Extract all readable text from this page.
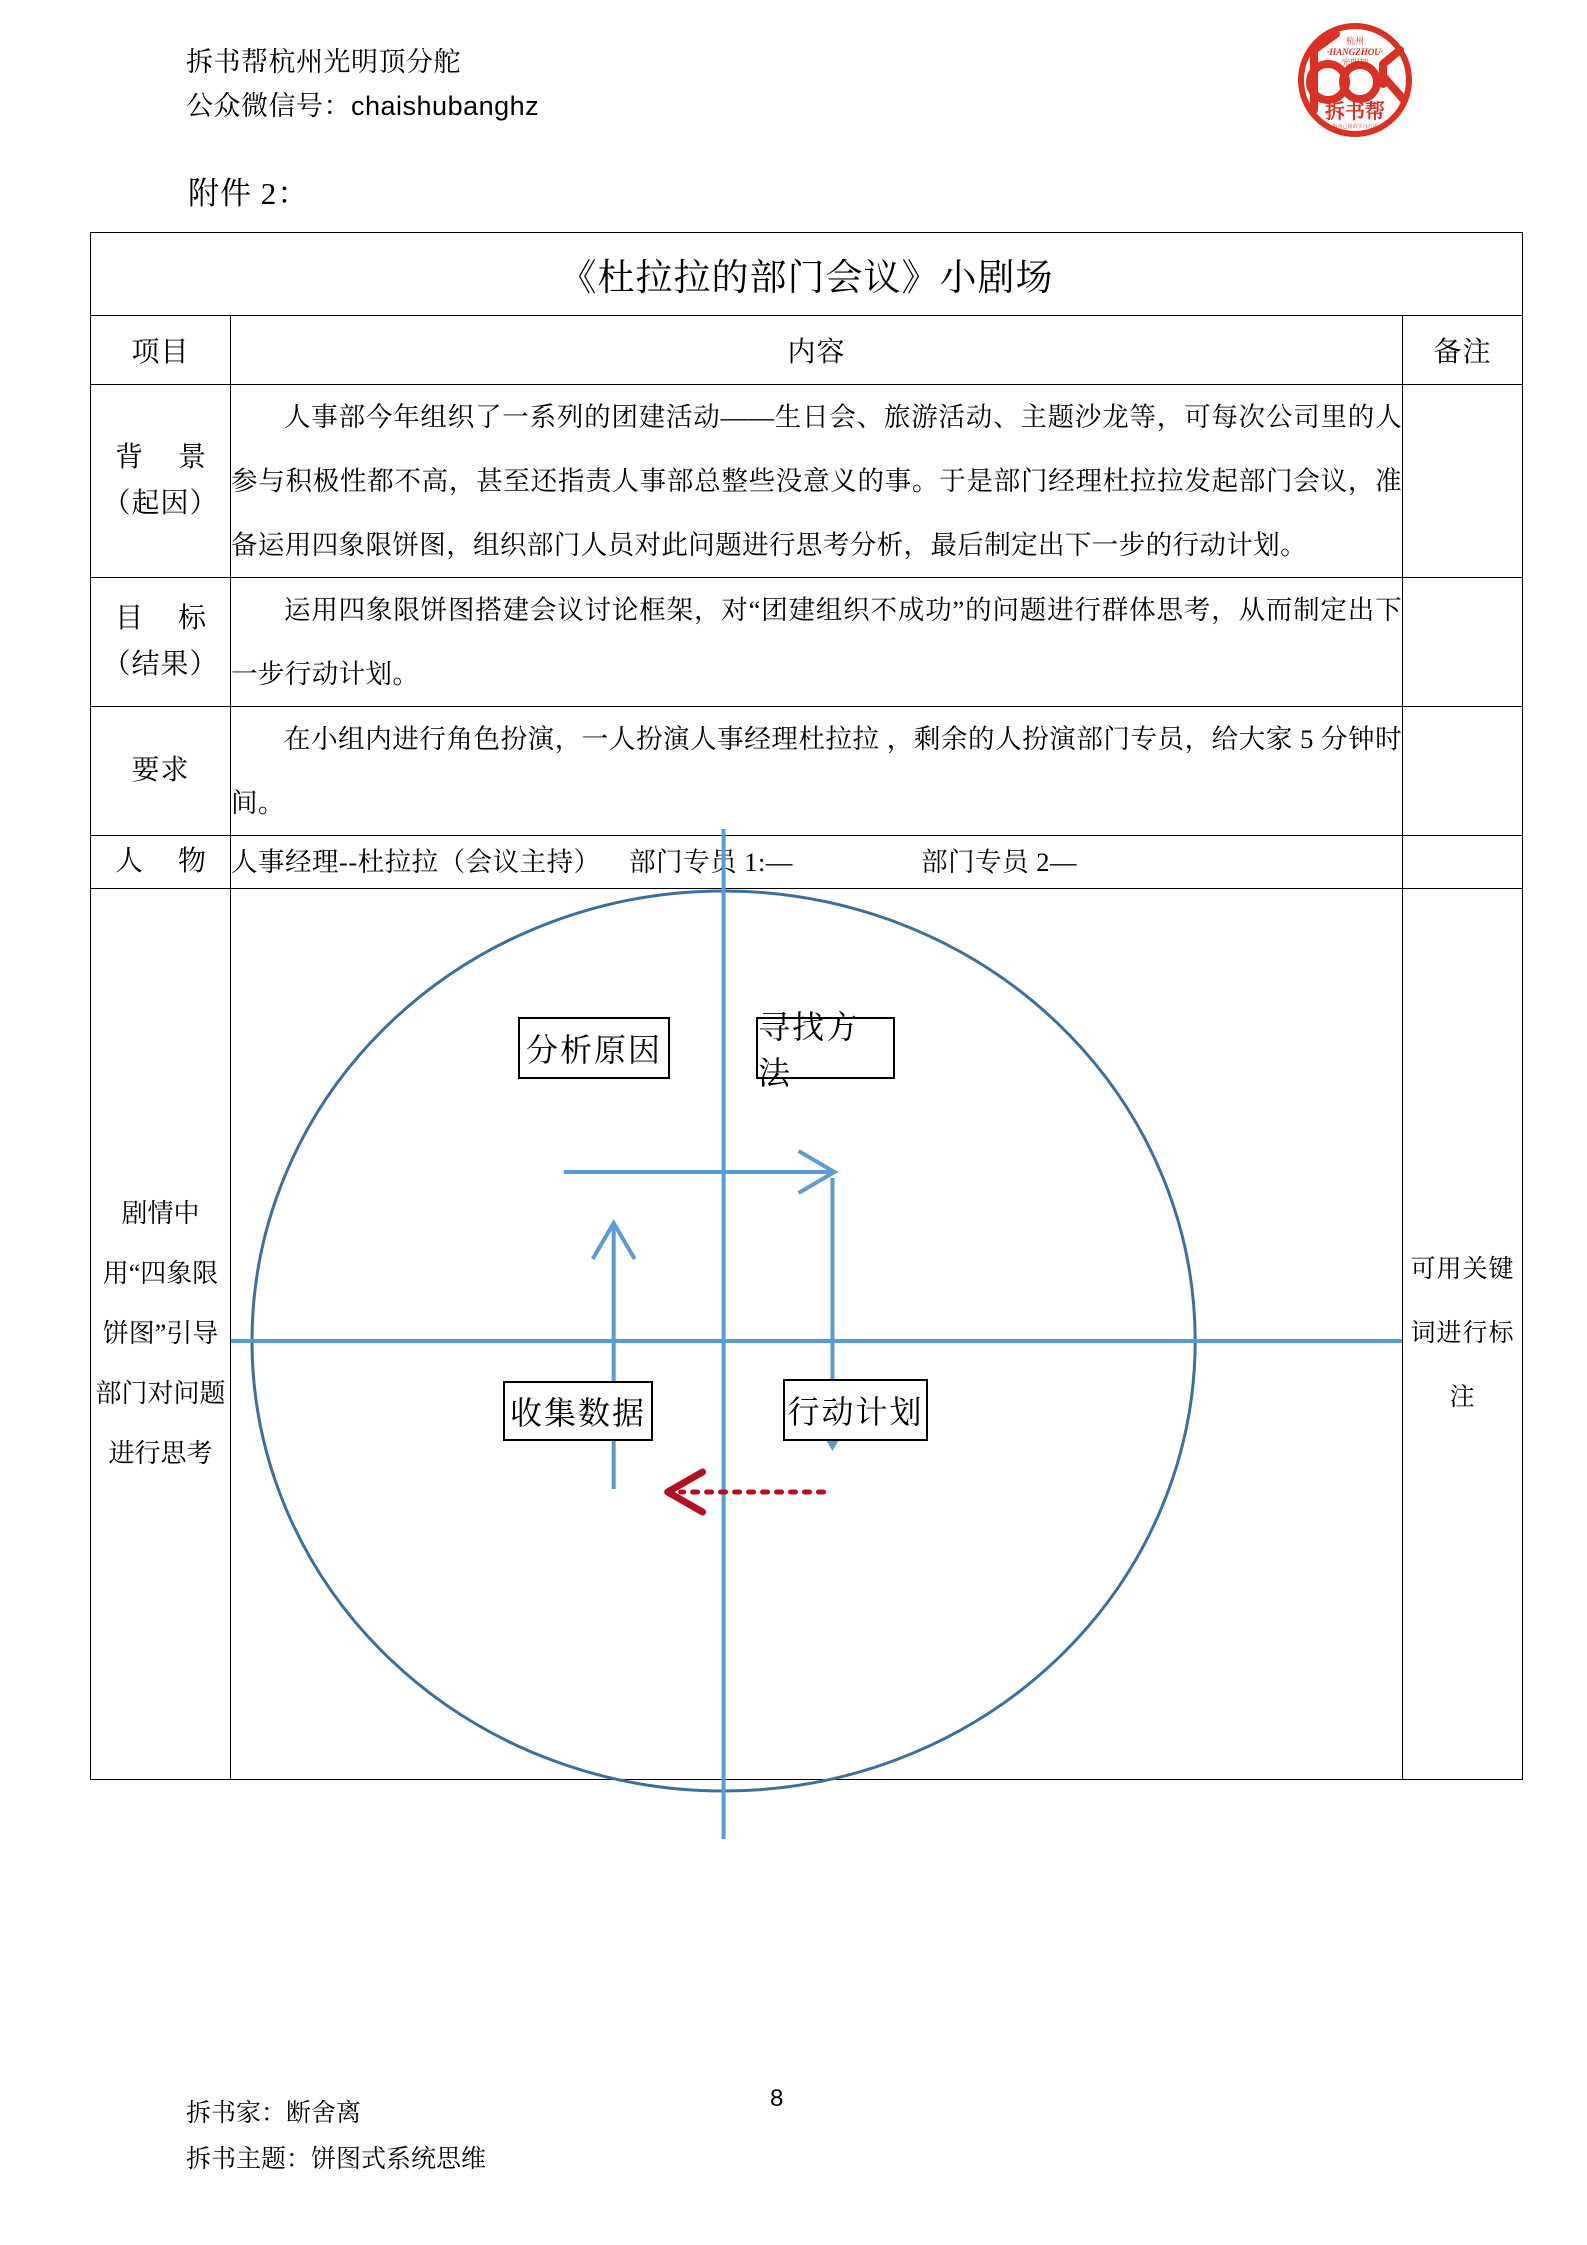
拆书帮杭州光明顶分舵
公众微信号：chaishubanghz
杭州
·HANGZHOU·
光明顶
拆书帮
拆为己用的学习方法
附件 2：
《杜拉拉的部门会议》小剧场		
项目	内容	备注

背 景
（起因）	人事部今年组织了一系列的团建活动——生日会、旅游活动、主题沙龙等，可每次公司里的人参与积极性都不高，甚至还指责人事部总整些没意义的事。于是部门经理杜拉拉发起部门会议，准备运用四象限饼图，组织部门人员对此问题进行思考分析，最后制定出下一步的行动计划。	

目 标
（结果）	运用四象限饼图搭建会议讨论框架，对“团建组织不成功”的问题进行群体思考，从而制定出下一步行动计划。	

要求	在小组内进行角色扮演，一人扮演人事经理杜拉拉 ，剩余的人扮演部门专员，给大家 5 分钟时间。	

人 物	人事经理--杜拉拉（会议主持）    部门专员 1:—                  部门专员 2—	
剧情中用“四象限饼图”引导部门对问题进行思考	分析原因
寻找方法
收集数据 行动计划	可用关键词进行标注
拆书家：断舍离
拆书主题：饼图式系统思维
8
